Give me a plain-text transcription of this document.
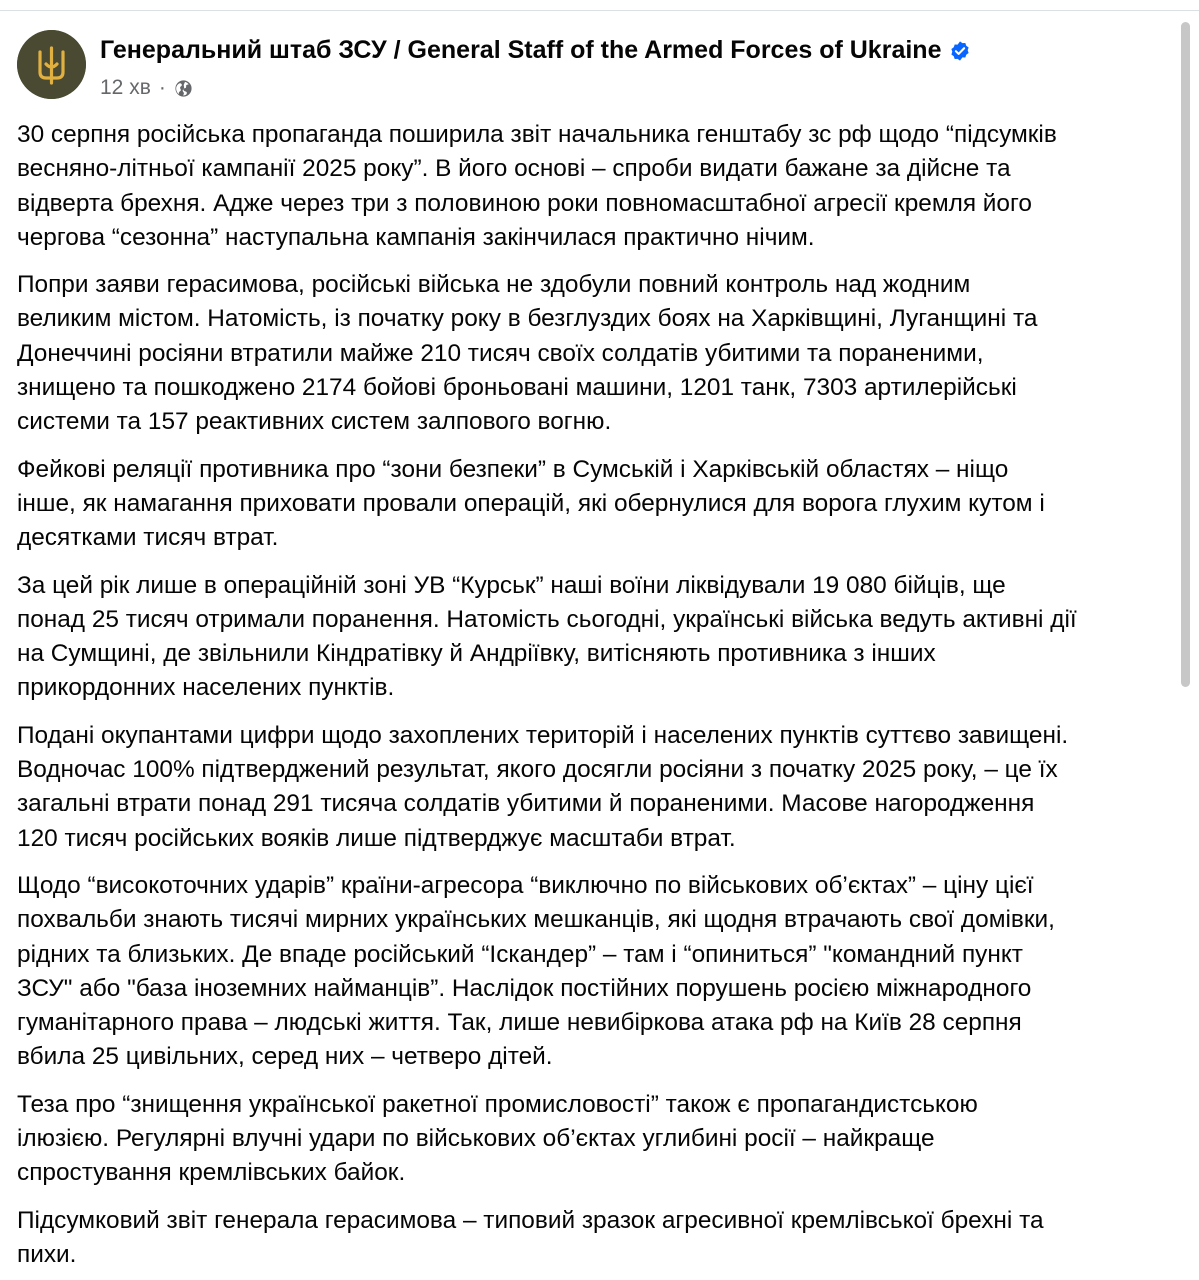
Генеральний штаб ЗСУ / General Staff of the Armed Forces of Ukraine
12 хв ·

30 серпня російська пропаганда поширила звіт начальника генштабу зс рф щодо “підсумків
весняно-літньої кампанії 2025 року”. В його основі – спроби видати бажане за дійсне та
відверта брехня. Адже через три з половиною роки повномасштабної агресії кремля його
чергова “сезонна” наступальна кампанія закінчилася практично нічим.

Попри заяви герасимова, російські війська не здобули повний контроль над жодним
великим містом. Натомість, із початку року в безглуздих боях на Харківщині, Луганщині та
Донеччині росіяни втратили майже 210 тисяч своїх солдатів убитими та пораненими,
знищено та пошкоджено 2174 бойові броньовані машини, 1201 танк, 7303 артилерійські
системи та 157 реактивних систем залпового вогню.

Фейкові реляції противника про “зони безпеки” в Сумській і Харківській областях – ніщо
інше, як намагання приховати провали операцій, які обернулися для ворога глухим кутом і
десятками тисяч втрат.

За цей рік лише в операційній зоні УВ “Курськ” наші воїни ліквідували 19 080 бійців, ще
понад 25 тисяч отримали поранення. Натомість сьогодні, українські війська ведуть активні дії
на Сумщині, де звільнили Кіндратівку й Андріївку, витісняють противника з інших
прикордонних населених пунктів.

Подані окупантами цифри щодо захоплених територій і населених пунктів суттєво завищені.
Водночас 100% підтверджений результат, якого досягли росіяни з початку 2025 року, – це їх
загальні втрати понад 291 тисяча солдатів убитими й пораненими. Масове нагородження
120 тисяч російських вояків лише підтверджує масштаби втрат.

Щодо “високоточних ударів” країни-агресора “виключно по військових об’єктах” – ціну цієї
похвальби знають тисячі мирних українських мешканців, які щодня втрачають свої домівки,
рідних та близьких. Де впаде російський “Іскандер” – там і “опиниться” "командний пункт
ЗСУ" або "база іноземних найманців”. Наслідок постійних порушень росією міжнародного
гуманітарного права – людські життя. Так, лише невибіркова атака рф на Київ 28 серпня
вбила 25 цивільних, серед них – четверо дітей.

Теза про “знищення української ракетної промисловості” також є пропагандистською
ілюзією. Регулярні влучні удари по військових об’єктах углибині росії – найкраще
спростування кремлівських байок.

Підсумковий звіт генерала герасимова – типовий зразок агресивної кремлівської брехні та
пихи.
